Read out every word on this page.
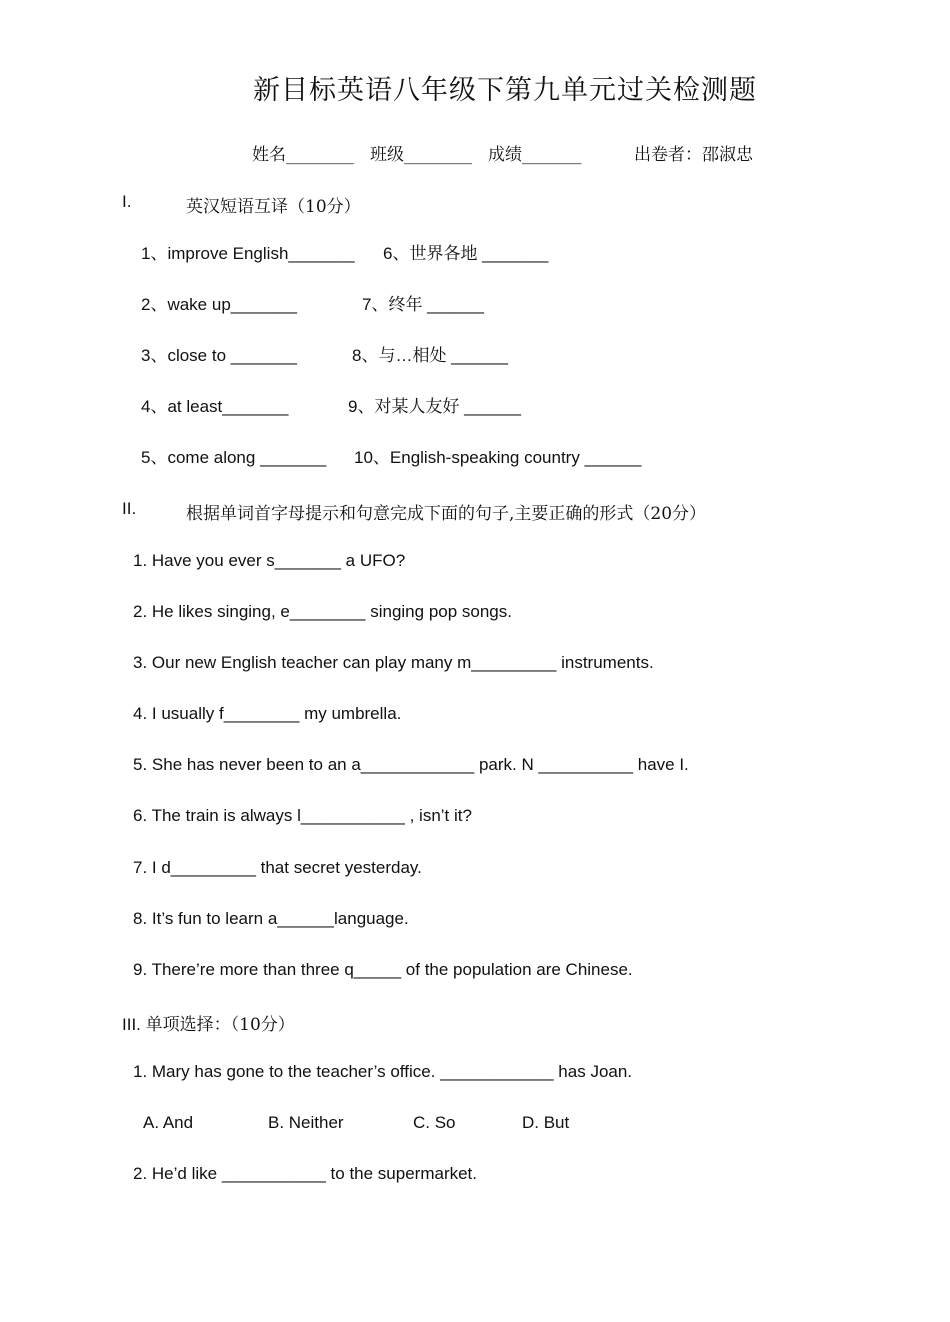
新目标英语八年级下第九单元过关检测题
姓名________ 班级________ 成绩_______	出卷者：邵淑忠
I.	英汉短语互译（10分）
1、improve English_______ 6、世界各地 _______
2、wake up_______	7、终年 ______
3、close to _______	8、与…相处 ______
4、at least_______	9、对某人友好 ______
5、come along _______ 10、English-speaking country ______
II.	根据单词首字母提示和句意完成下面的句子,主要正确的形式（20分）
1. Have you ever s_______ a UFO?
2. He likes singing, e________ singing pop songs.
3. Our new English teacher can play many m_________ instruments.
4. I usually f________ my umbrella.
5. She has never been to an a____________ park. N __________ have I.
6. The train is always l___________ , isn’t it?
7. I d_________ that secret yesterday.
8. It’s fun to learn a______language.
9. There’re more than three q_____ of the population are Chinese.
III. 单项选择：（10分）
1. Mary has gone to the teacher’s office. ____________ has Joan.
A. And	B. Neither	C. So	D. But
2. He’d like ___________ to the supermarket.
